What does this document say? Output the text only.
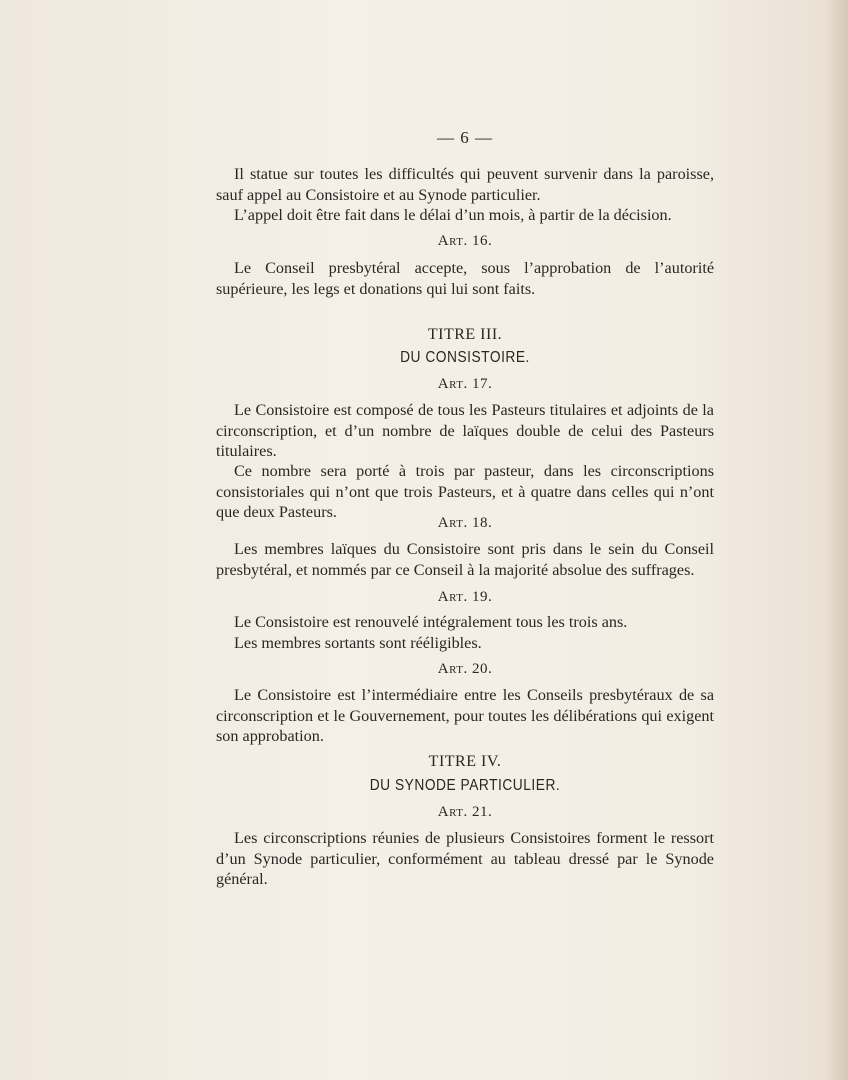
— 6 —
Il statue sur toutes les difficultés qui peuvent survenir dans la paroisse, sauf appel au Consistoire et au Synode particulier.
L’appel doit être fait dans le délai d’un mois, à partir de la décision.
Art. 16.
Le Conseil presbytéral accepte, sous l’approbation de l’autorité supérieure, les legs et donations qui lui sont faits.
TITRE III.
DU CONSISTOIRE.
Art. 17.
Le Consistoire est composé de tous les Pasteurs titulaires et adjoints de la circonscription, et d’un nombre de laïques double de celui des Pasteurs titulaires.
Ce nombre sera porté à trois par pasteur, dans les circonscriptions consistoriales qui n’ont que trois Pasteurs, et à quatre dans celles qui n’ont que deux Pasteurs.
Art. 18.
Les membres laïques du Consistoire sont pris dans le sein du Conseil presbytéral, et nommés par ce Conseil à la majorité absolue des suffrages.
Art. 19.
Le Consistoire est renouvelé intégralement tous les trois ans.
Les membres sortants sont rééligibles.
Art. 20.
Le Consistoire est l’intermédiaire entre les Conseils presbytéraux de sa circonscription et le Gouvernement, pour toutes les délibérations qui exigent son approbation.
TITRE IV.
DU SYNODE PARTICULIER.
Art. 21.
Les circonscriptions réunies de plusieurs Consistoires forment le ressort d’un Synode particulier, conformément au tableau dressé par le Synode général.
